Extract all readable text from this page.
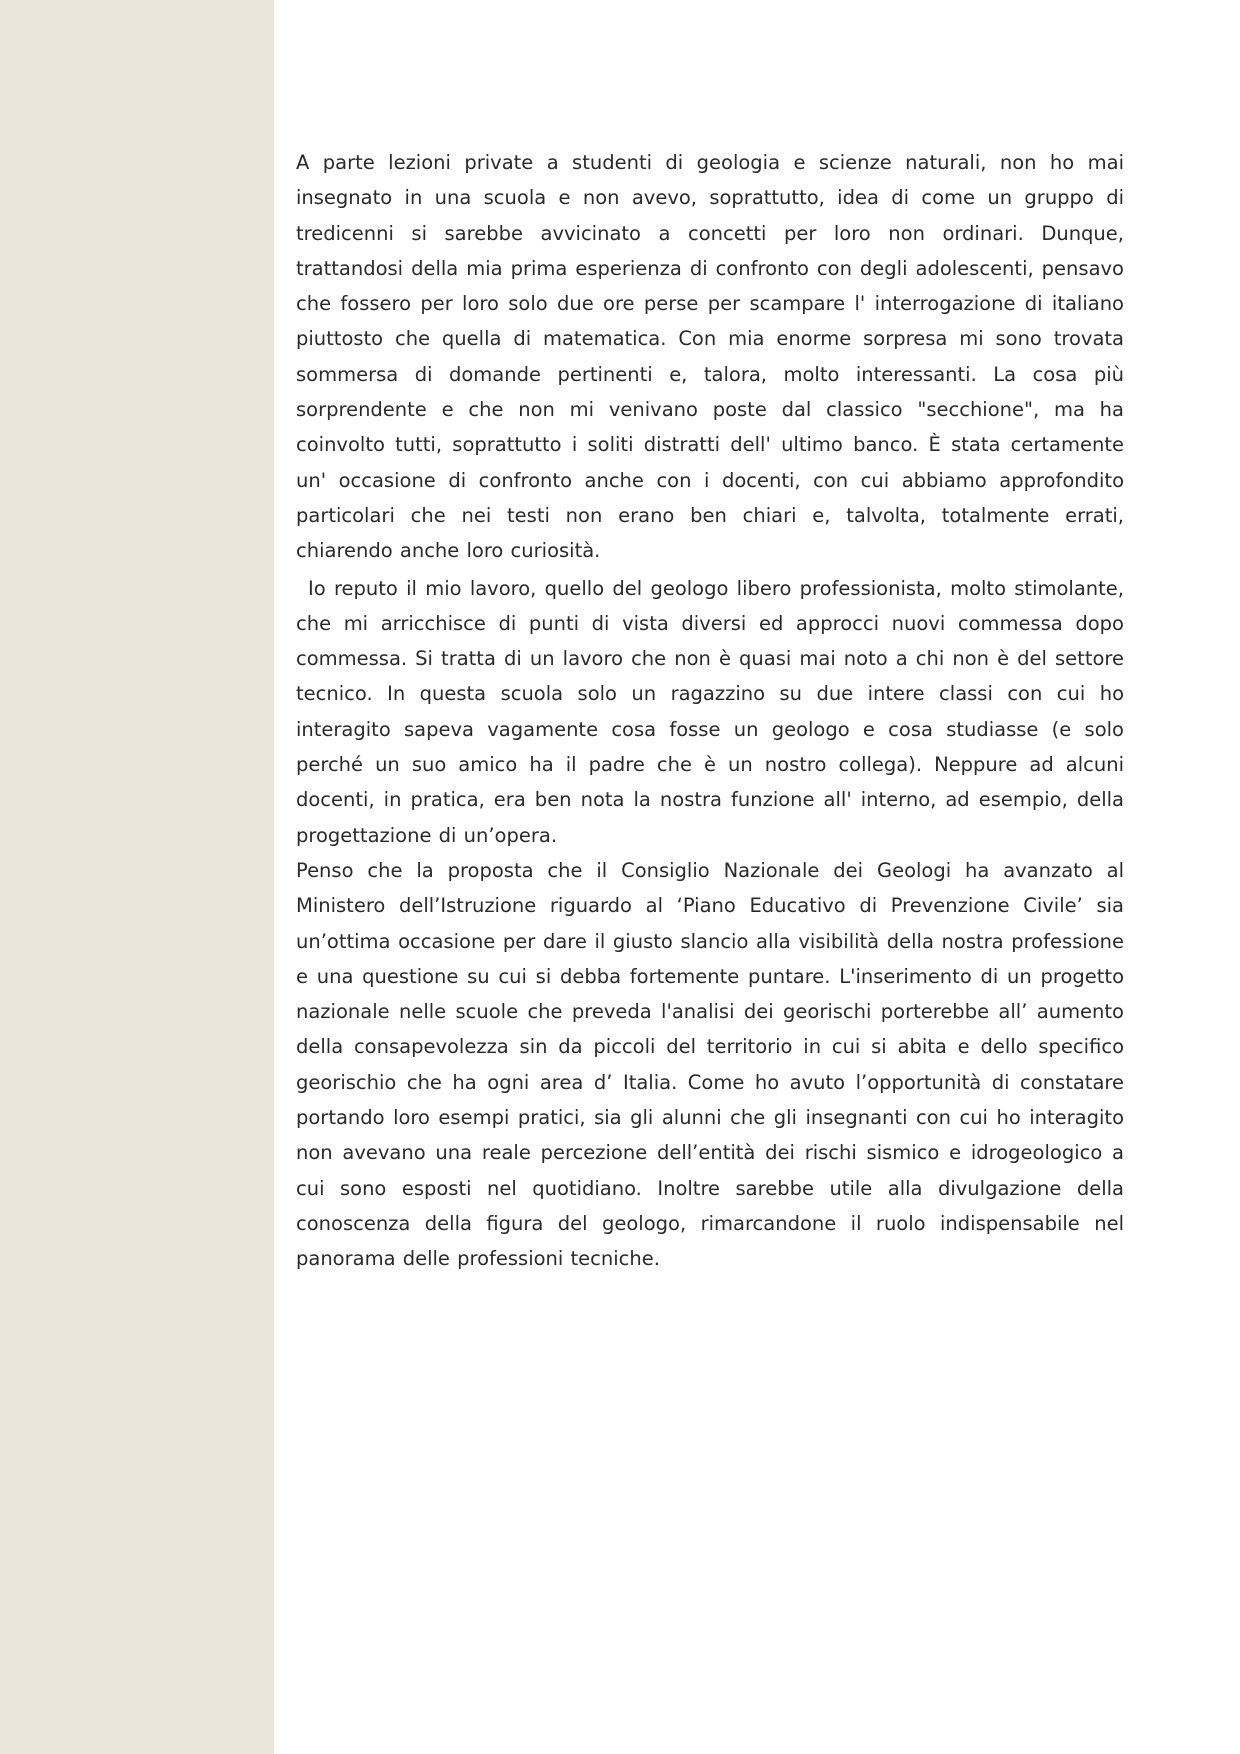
A parte lezioni private a studenti di geologia e scienze naturali, non ho mai insegnato in una scuola e non avevo, soprattutto, idea di come un gruppo di tredicenni si sarebbe avvicinato a concetti per loro non ordinari. Dunque, trattandosi della mia prima esperienza di confronto con degli adolescenti, pensavo che fossero per loro solo due ore perse per scampare l' interrogazione di italiano piuttosto che quella di matematica. Con mia enorme sorpresa mi sono trovata sommersa di domande pertinenti e, talora, molto interessanti. La cosa più sorprendente e che non mi venivano poste dal classico "secchione", ma ha coinvolto tutti, soprattutto i soliti distratti dell' ultimo banco. È stata certamente un' occasione di confronto anche con i docenti, con cui abbiamo approfondito particolari che nei testi non erano ben chiari e, talvolta, totalmente errati, chiarendo anche loro curiosità.

Io reputo il mio lavoro, quello del geologo libero professionista, molto stimolante, che mi arricchisce di punti di vista diversi ed approcci nuovi commessa dopo commessa. Si tratta di un lavoro che non è quasi mai noto a chi non è del settore tecnico. In questa scuola solo un ragazzino su due intere classi con cui ho interagito sapeva vagamente cosa fosse un geologo e cosa studiasse (e solo perché un suo amico ha il padre che è un nostro collega). Neppure ad alcuni docenti, in pratica, era ben nota la nostra funzione all' interno, ad esempio, della progettazione di un’opera.

Penso che la proposta che il Consiglio Nazionale dei Geologi ha avanzato al Ministero dell’Istruzione riguardo al ‘Piano Educativo di Prevenzione Civile’ sia un’ottima occasione per dare il giusto slancio alla visibilità della nostra professione e una questione su cui si debba fortemente puntare. L'inserimento di un progetto nazionale nelle scuole che preveda l'analisi dei georischi porterebbe all’ aumento della consapevolezza sin da piccoli del territorio in cui si abita e dello specifico georischio che ha ogni area d’ Italia. Come ho avuto l’opportunità di constatare portando loro esempi pratici, sia gli alunni che gli insegnanti con cui ho interagito non avevano una reale percezione dell’entità dei rischi sismico e idrogeologico a cui sono esposti nel quotidiano. Inoltre sarebbe utile alla divulgazione della conoscenza della figura del geologo, rimarcandone il ruolo indispensabile nel panorama delle professioni tecniche.
